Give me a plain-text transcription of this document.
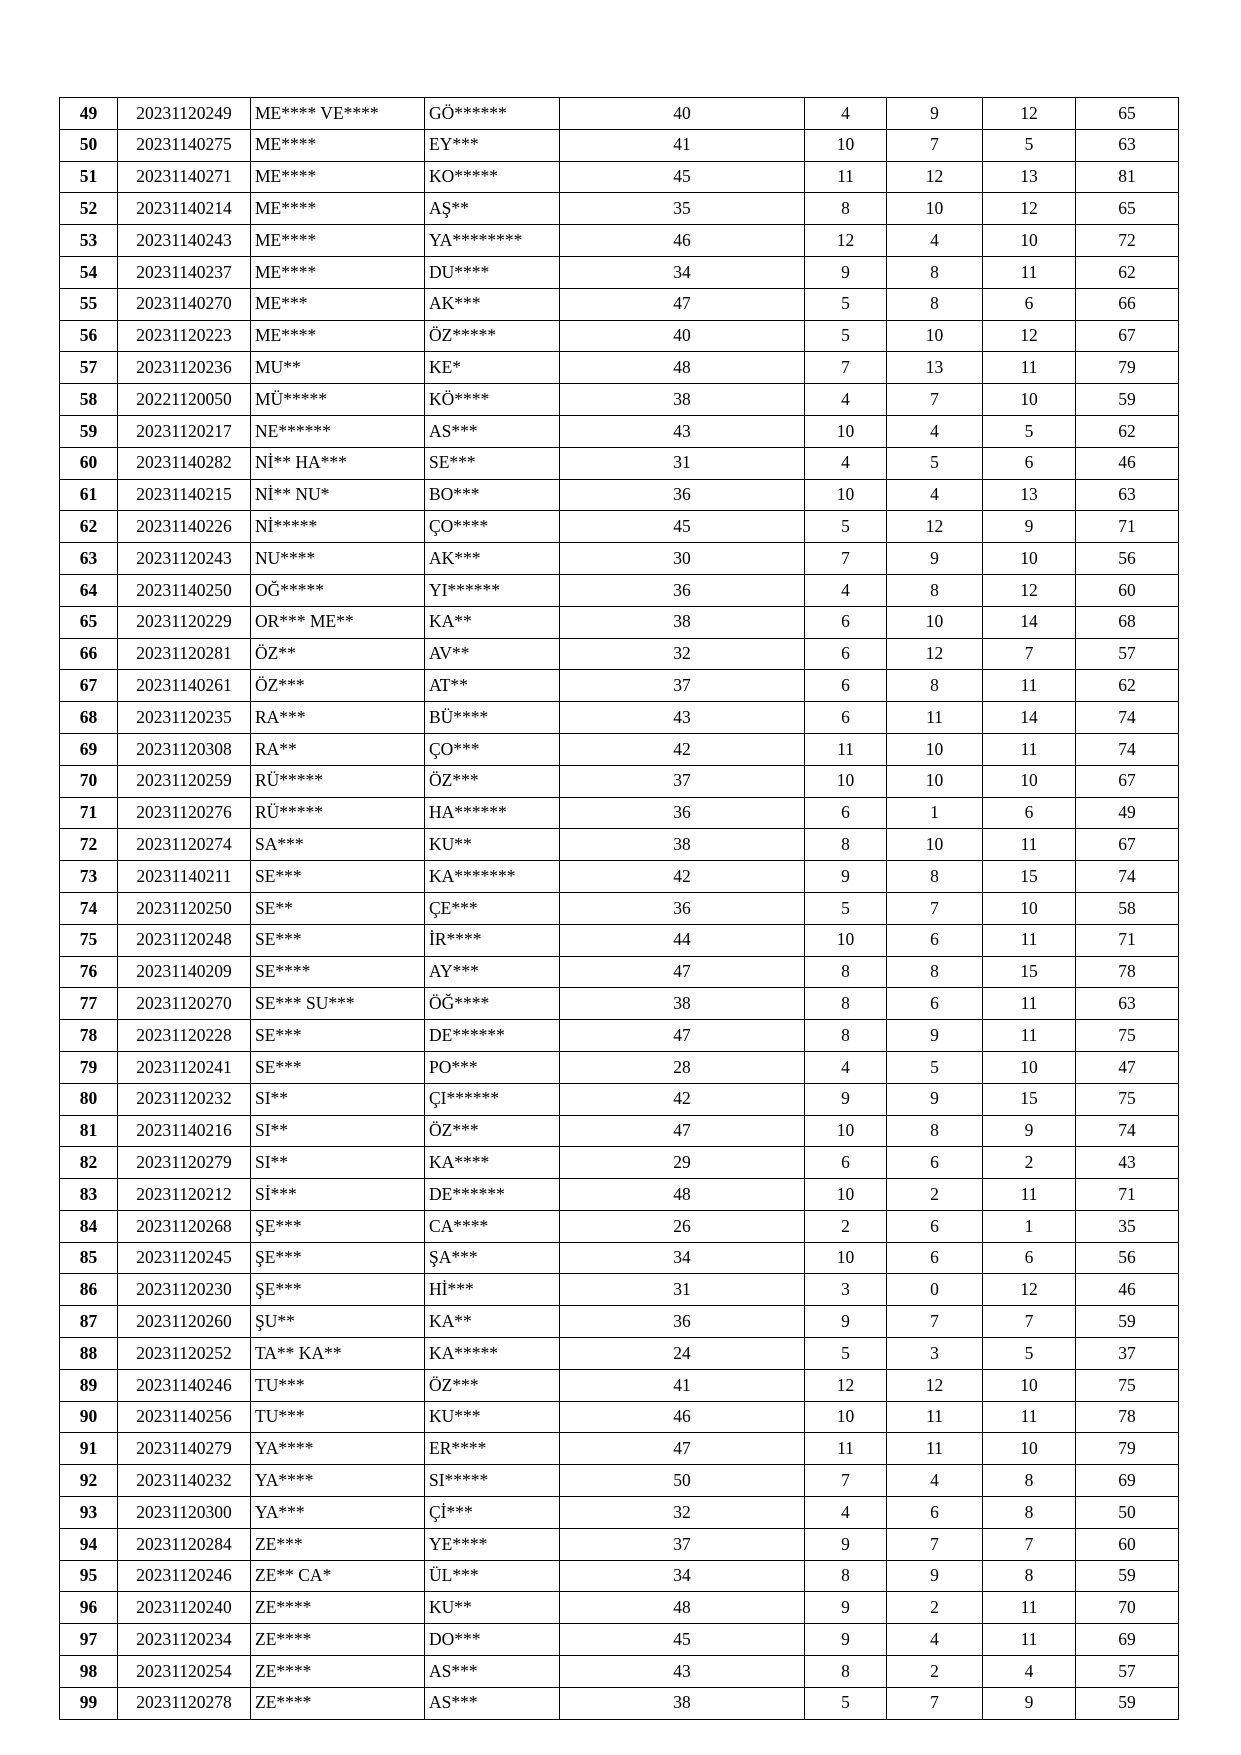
49	20231120249	ME**** VE****	GÖ******	40	4	9	12	65
50	20231140275	ME****	EY***	41	10	7	5	63
51	20231140271	ME****	KO*****	45	11	12	13	81
52	20231140214	ME****	AŞ**	35	8	10	12	65
53	20231140243	ME****	YA********	46	12	4	10	72
54	20231140237	ME****	DU****	34	9	8	11	62
55	20231140270	ME***	AK***	47	5	8	6	66
56	20231120223	ME****	ÖZ*****	40	5	10	12	67
57	20231120236	MU**	KE*	48	7	13	11	79
58	20221120050	MÜ*****	KÖ****	38	4	7	10	59
59	20231120217	NE******	AS***	43	10	4	5	62
60	20231140282	Nİ** HA***	SE***	31	4	5	6	46
61	20231140215	Nİ** NU*	BO***	36	10	4	13	63
62	20231140226	Nİ*****	ÇO****	45	5	12	9	71
63	20231120243	NU****	AK***	30	7	9	10	56
64	20231140250	OĞ*****	YI******	36	4	8	12	60
65	20231120229	OR*** ME**	KA**	38	6	10	14	68
66	20231120281	ÖZ**	AV**	32	6	12	7	57
67	20231140261	ÖZ***	AT**	37	6	8	11	62
68	20231120235	RA***	BÜ****	43	6	11	14	74
69	20231120308	RA**	ÇO***	42	11	10	11	74
70	20231120259	RÜ*****	ÖZ***	37	10	10	10	67
71	20231120276	RÜ*****	HA******	36	6	1	6	49
72	20231120274	SA***	KU**	38	8	10	11	67
73	20231140211	SE***	KA*******	42	9	8	15	74
74	20231120250	SE**	ÇE***	36	5	7	10	58
75	20231120248	SE***	İR****	44	10	6	11	71
76	20231140209	SE****	AY***	47	8	8	15	78
77	20231120270	SE*** SU***	ÖĞ****	38	8	6	11	63
78	20231120228	SE***	DE******	47	8	9	11	75
79	20231120241	SE***	PO***	28	4	5	10	47
80	20231120232	SI**	ÇI******	42	9	9	15	75
81	20231140216	SI**	ÖZ***	47	10	8	9	74
82	20231120279	SI**	KA****	29	6	6	2	43
83	20231120212	Sİ***	DE******	48	10	2	11	71
84	20231120268	ŞE***	CA****	26	2	6	1	35
85	20231120245	ŞE***	ŞA***	34	10	6	6	56
86	20231120230	ŞE***	Hİ***	31	3	0	12	46
87	20231120260	ŞU**	KA**	36	9	7	7	59
88	20231120252	TA** KA**	KA*****	24	5	3	5	37
89	20231140246	TU***	ÖZ***	41	12	12	10	75
90	20231140256	TU***	KU***	46	10	11	11	78
91	20231140279	YA****	ER****	47	11	11	10	79
92	20231140232	YA****	SI*****	50	7	4	8	69
93	20231120300	YA***	Çİ***	32	4	6	8	50
94	20231120284	ZE***	YE****	37	9	7	7	60
95	20231120246	ZE** CA*	ÜL***	34	8	9	8	59
96	20231120240	ZE****	KU**	48	9	2	11	70
97	20231120234	ZE****	DO***	45	9	4	11	69
98	20231120254	ZE****	AS***	43	8	2	4	57
99	20231120278	ZE****	AS***	38	5	7	9	59
